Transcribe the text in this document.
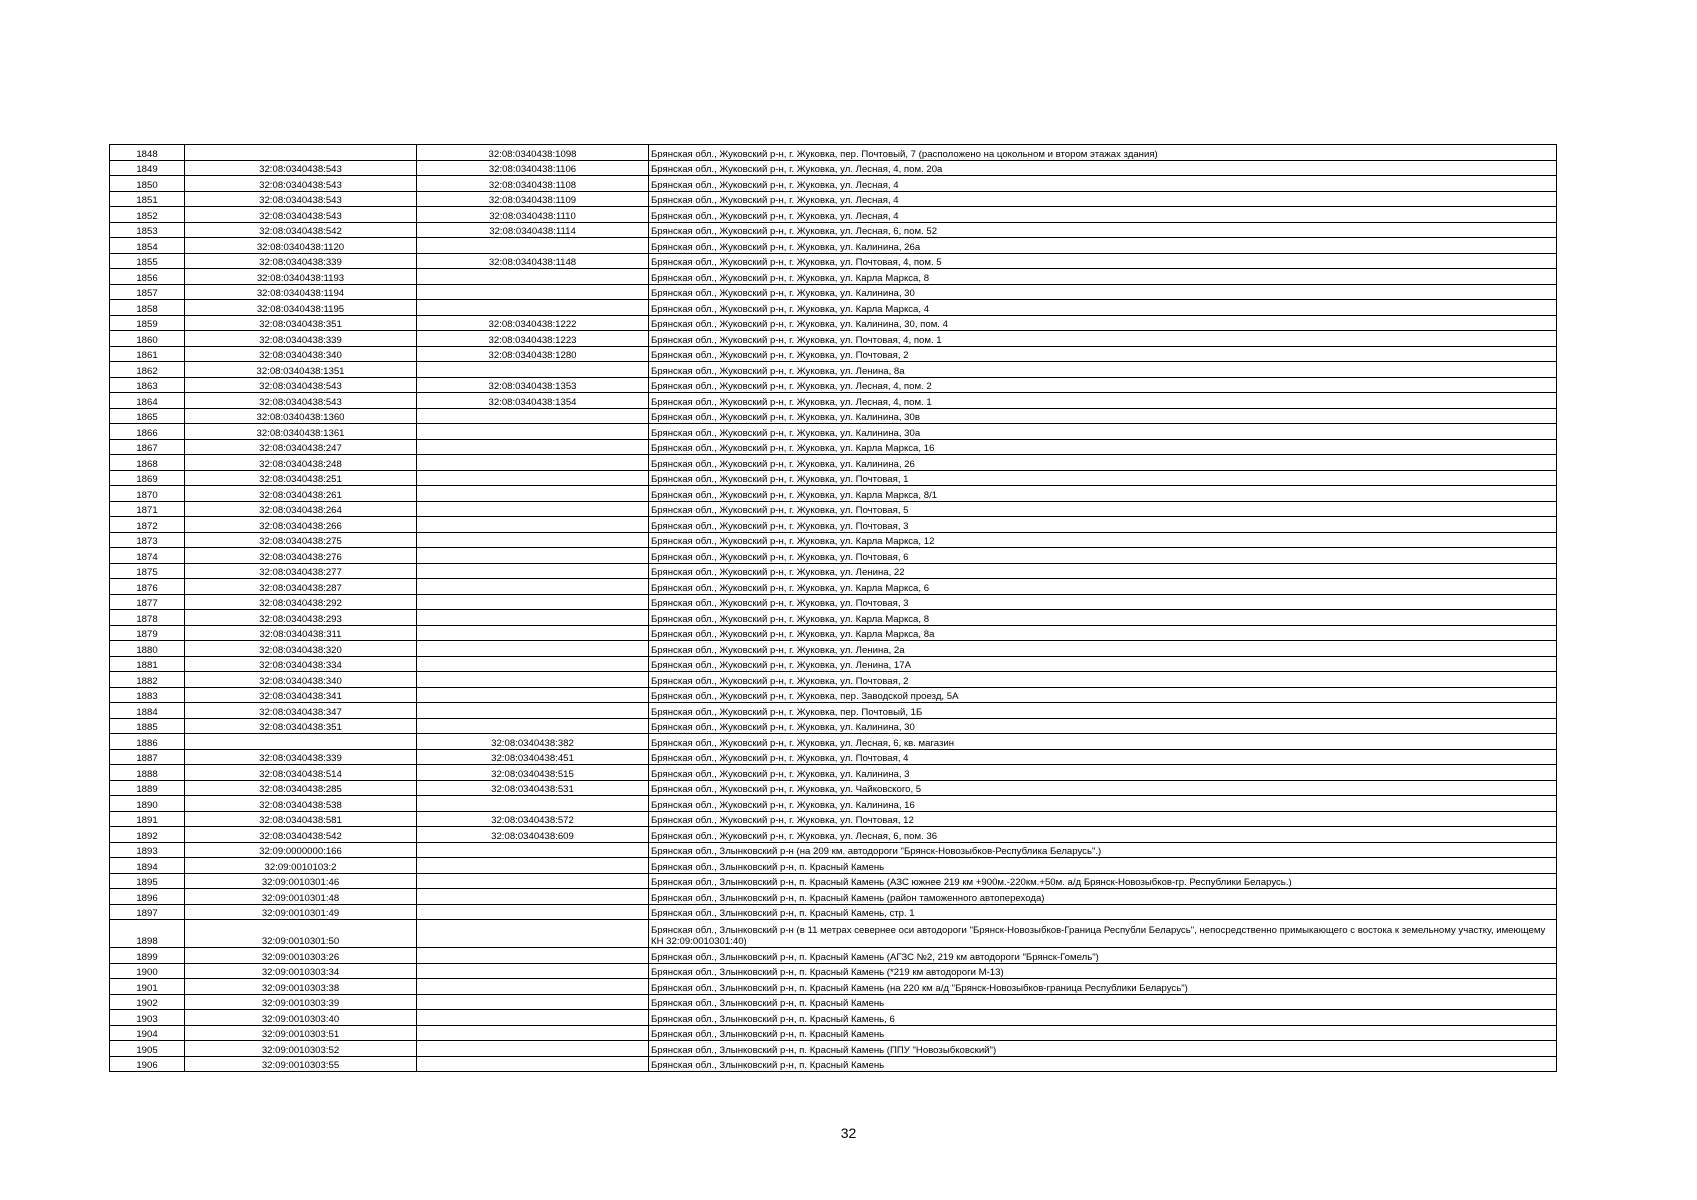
1848		32:08:0340438:1098	Брянская обл., Жуковский р-н, г. Жуковка, пер. Почтовый, 7 (расположено на цокольном и втором этажах здания)
1849	32:08:0340438:543	32:08:0340438:1106	Брянская обл., Жуковский р-н, г. Жуковка, ул. Лесная, 4, пом. 20а
1850	32:08:0340438:543	32:08:0340438:1108	Брянская обл., Жуковский р-н, г. Жуковка, ул. Лесная, 4
1851	32:08:0340438:543	32:08:0340438:1109	Брянская обл., Жуковский р-н, г. Жуковка, ул. Лесная, 4
1852	32:08:0340438:543	32:08:0340438:1110	Брянская обл., Жуковский р-н, г. Жуковка, ул. Лесная, 4
1853	32:08:0340438:542	32:08:0340438:1114	Брянская обл., Жуковский р-н, г. Жуковка, ул. Лесная, 6, пом. 52
1854	32:08:0340438:1120		Брянская обл., Жуковский р-н, г. Жуковка, ул. Калинина, 26а
1855	32:08:0340438:339	32:08:0340438:1148	Брянская обл., Жуковский р-н, г. Жуковка, ул. Почтовая, 4, пом. 5
1856	32:08:0340438:1193		Брянская обл., Жуковский р-н, г. Жуковка, ул. Карла Маркса, 8
1857	32:08:0340438:1194		Брянская обл., Жуковский р-н, г. Жуковка, ул. Калинина, 30
1858	32:08:0340438:1195		Брянская обл., Жуковский р-н, г. Жуковка, ул. Карла Маркса, 4
1859	32:08:0340438:351	32:08:0340438:1222	Брянская обл., Жуковский р-н, г. Жуковка, ул. Калинина, 30, пом. 4
1860	32:08:0340438:339	32:08:0340438:1223	Брянская обл., Жуковский р-н, г. Жуковка, ул. Почтовая, 4, пом. 1
1861	32:08:0340438:340	32:08:0340438:1280	Брянская обл., Жуковский р-н, г. Жуковка, ул. Почтовая, 2
1862	32:08:0340438:1351		Брянская обл., Жуковский р-н, г. Жуковка, ул. Ленина, 8а
1863	32:08:0340438:543	32:08:0340438:1353	Брянская обл., Жуковский р-н, г. Жуковка, ул. Лесная, 4, пом. 2
1864	32:08:0340438:543	32:08:0340438:1354	Брянская обл., Жуковский р-н, г. Жуковка, ул. Лесная, 4, пом. 1
1865	32:08:0340438:1360		Брянская обл., Жуковский р-н, г. Жуковка, ул. Калинина, 30в
1866	32:08:0340438:1361		Брянская обл., Жуковский р-н, г. Жуковка, ул. Калинина, 30а
1867	32:08:0340438:247		Брянская обл., Жуковский р-н, г. Жуковка, ул. Карла Маркса, 16
1868	32:08:0340438:248		Брянская обл., Жуковский р-н, г. Жуковка, ул. Калинина, 26
1869	32:08:0340438:251		Брянская обл., Жуковский р-н, г. Жуковка, ул. Почтовая, 1
1870	32:08:0340438:261		Брянская обл., Жуковский р-н, г. Жуковка, ул. Карла Маркса, 8/1
1871	32:08:0340438:264		Брянская обл., Жуковский р-н, г. Жуковка, ул. Почтовая, 5
1872	32:08:0340438:266		Брянская обл., Жуковский р-н, г. Жуковка, ул. Почтовая, 3
1873	32:08:0340438:275		Брянская обл., Жуковский р-н, г. Жуковка, ул. Карла Маркса, 12
1874	32:08:0340438:276		Брянская обл., Жуковский р-н, г. Жуковка, ул. Почтовая, 6
1875	32:08:0340438:277		Брянская обл., Жуковский р-н, г. Жуковка, ул. Ленина, 22
1876	32:08:0340438:287		Брянская обл., Жуковский р-н, г. Жуковка, ул. Карла Маркса, 6
1877	32:08:0340438:292		Брянская обл., Жуковский р-н, г. Жуковка, ул. Почтовая, 3
1878	32:08:0340438:293		Брянская обл., Жуковский р-н, г. Жуковка, ул. Карла Маркса, 8
1879	32:08:0340438:311		Брянская обл., Жуковский р-н, г. Жуковка, ул. Карла Маркса, 8а
1880	32:08:0340438:320		Брянская обл., Жуковский р-н, г. Жуковка, ул. Ленина, 2а
1881	32:08:0340438:334		Брянская обл., Жуковский р-н, г. Жуковка, ул. Ленина, 17А
1882	32:08:0340438:340		Брянская обл., Жуковский р-н, г. Жуковка, ул. Почтовая, 2
1883	32:08:0340438:341		Брянская обл., Жуковский р-н, г. Жуковка, пер. Заводской проезд, 5А
1884	32:08:0340438:347		Брянская обл., Жуковский р-н, г. Жуковка, пер. Почтовый, 1Б
1885	32:08:0340438:351		Брянская обл., Жуковский р-н, г. Жуковка, ул. Калинина, 30
1886		32:08:0340438:382	Брянская обл., Жуковский р-н, г. Жуковка, ул. Лесная, 6, кв. магазин
1887	32:08:0340438:339	32:08:0340438:451	Брянская обл., Жуковский р-н, г. Жуковка, ул. Почтовая, 4
1888	32:08:0340438:514	32:08:0340438:515	Брянская обл., Жуковский р-н, г. Жуковка, ул. Калинина, 3
1889	32:08:0340438:285	32:08:0340438:531	Брянская обл., Жуковский р-н, г. Жуковка, ул. Чайковского, 5
1890	32:08:0340438:538		Брянская обл., Жуковский р-н, г. Жуковка, ул. Калинина, 16
1891	32:08:0340438:581	32:08:0340438:572	Брянская обл., Жуковский р-н, г. Жуковка, ул. Почтовая, 12
1892	32:08:0340438:542	32:08:0340438:609	Брянская обл., Жуковский р-н, г. Жуковка, ул. Лесная, 6, пом. 36
1893	32:09:0000000:166		Брянская обл., Злынковский р-н (на 209 км. автодороги "Брянск-Новозыбков-Республика Беларусь".)
1894	32:09:0010103:2		Брянская обл., Злынковский р-н, п. Красный Камень
1895	32:09:0010301:46		Брянская обл., Злынковский р-н, п. Красный Камень (АЗС южнее 219 км +900м.-220км.+50м. а/д Брянск-Новозыбков-гр. Республики Беларусь.)
1896	32:09:0010301:48		Брянская обл., Злынковский р-н, п. Красный Камень (район таможенного автоперехода)
1897	32:09:0010301:49		Брянская обл., Злынковский р-н, п. Красный Камень, стр. 1
1898	32:09:0010301:50		Брянская обл., Злынковский р-н (в 11 метрах севернее оси автодороги "Брянск-Новозыбков-Граница Республи Беларусь", непосредственно примыкающего с востока к земельному участку, имеющему КН 32:09:0010301:40)
1899	32:09:0010303:26		Брянская обл., Злынковский р-н, п. Красный Камень (АГЗС №2, 219 км автодороги "Брянск-Гомель")
1900	32:09:0010303:34		Брянская обл., Злынковский р-н, п. Красный Камень (*219 км автодороги М-13)
1901	32:09:0010303:38		Брянская обл., Злынковский р-н, п. Красный Камень (на 220 км а/д "Брянск-Новозыбков-граница Республики Беларусь")
1902	32:09:0010303:39		Брянская обл., Злынковский р-н, п. Красный Камень
1903	32:09:0010303:40		Брянская обл., Злынковский р-н, п. Красный Камень, 6
1904	32:09:0010303:51		Брянская обл., Злынковский р-н, п. Красный Камень
1905	32:09:0010303:52		Брянская обл., Злынковский р-н, п. Красный Камень (ППУ "Новозыбковский")
1906	32:09:0010303:55		Брянская обл., Злынковский р-н, п. Красный Камень
32
